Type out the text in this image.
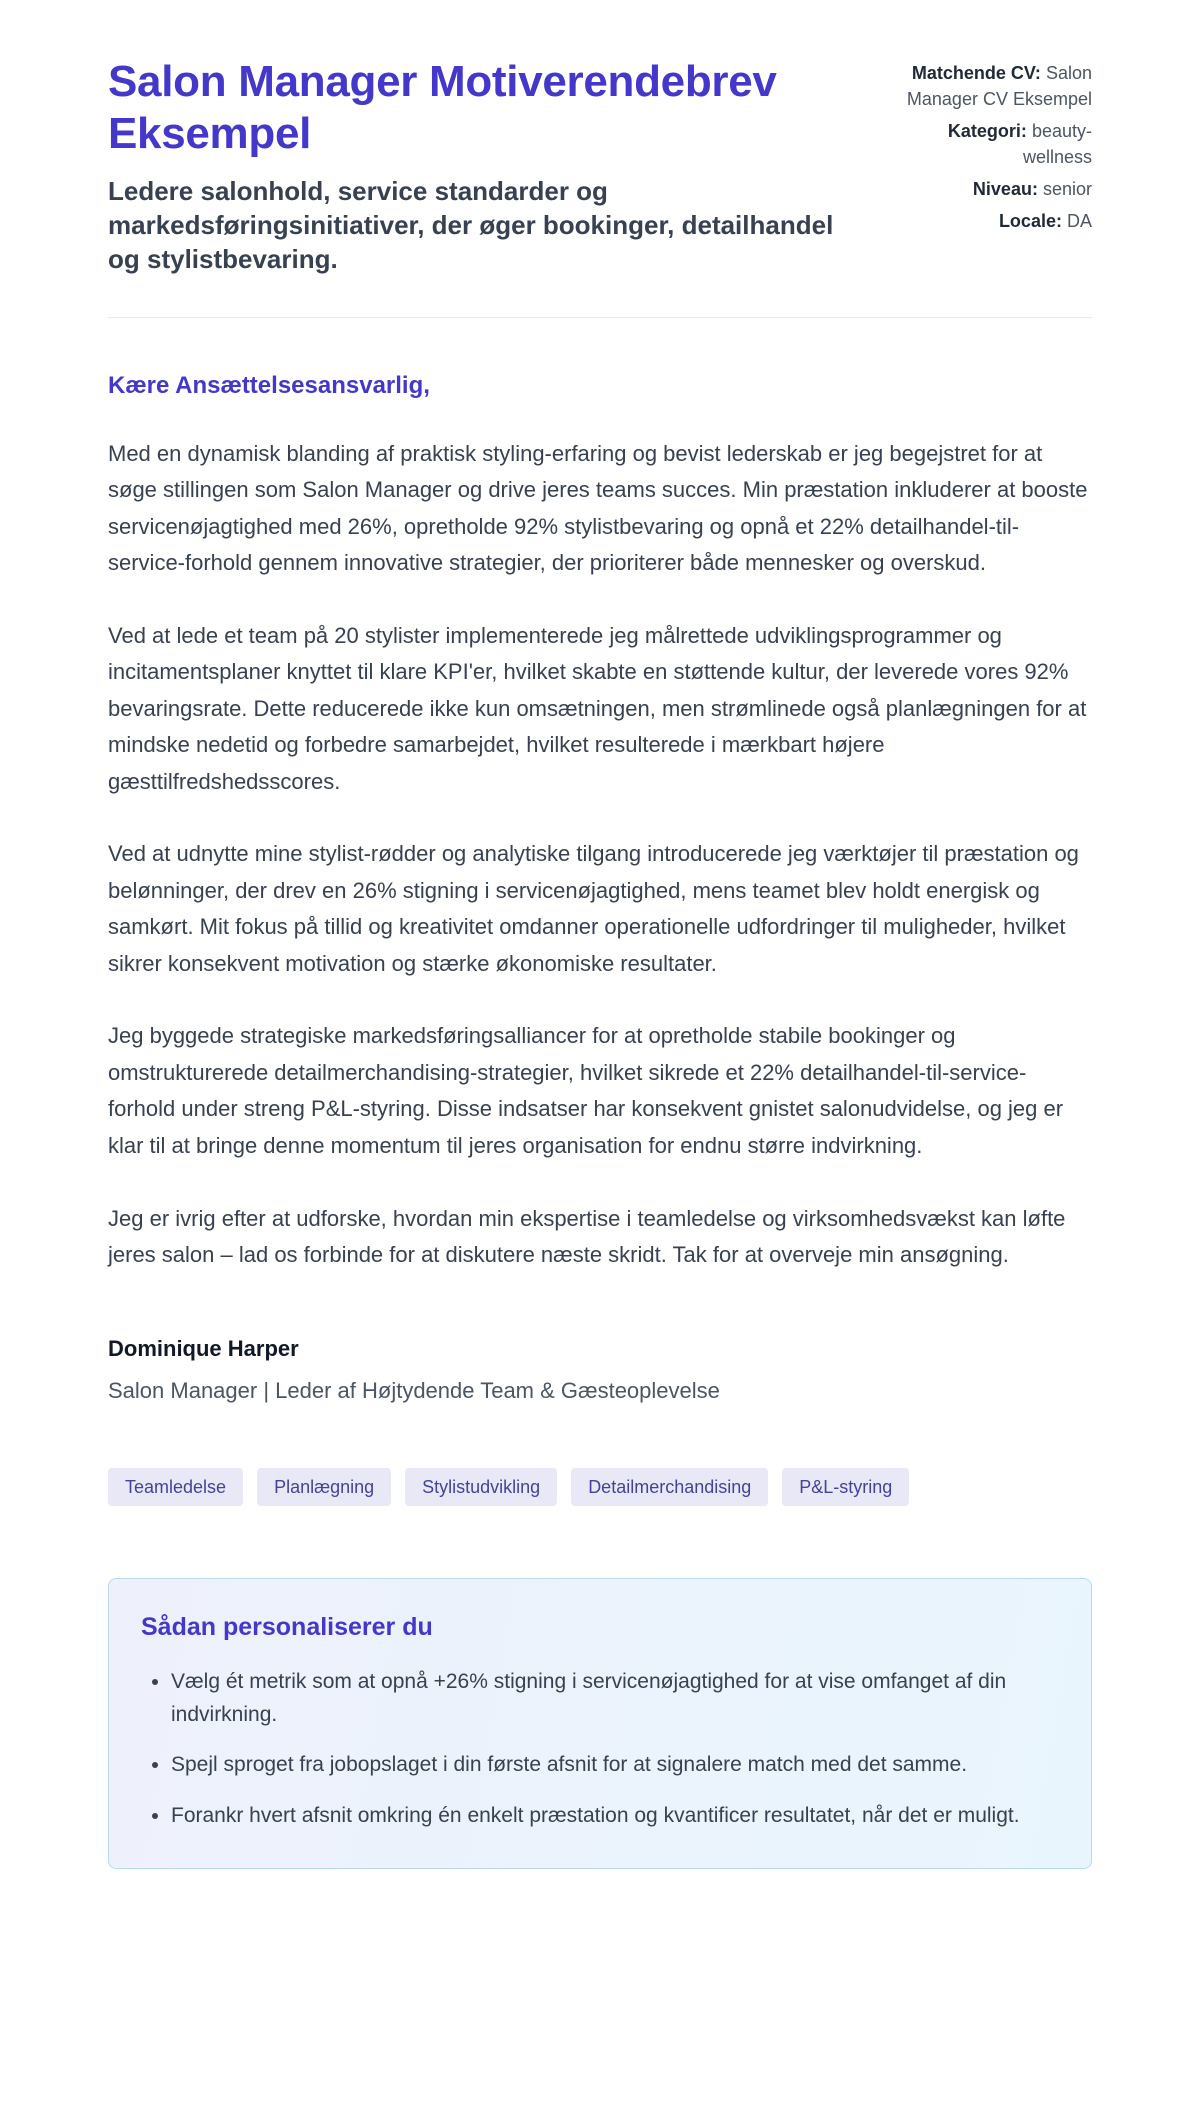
Salon Manager Motiverendebrev Eksempel

Ledere salonhold, service standarder og markedsføringsinitiativer, der øger bookinger, detailhandel og stylistbevaring.

Matchende CV: Salon Manager CV Eksempel
Kategori: beauty-wellness
Niveau: senior
Locale: DA

Kære Ansættelsesansvarlig,

Med en dynamisk blanding af praktisk styling-erfaring og bevist lederskab er jeg begejstret for at søge stillingen som Salon Manager og drive jeres teams succes. Min præstation inkluderer at booste servicenøjagtighed med 26%, opretholde 92% stylistbevaring og opnå et 22% detailhandel-til-service-forhold gennem innovative strategier, der prioriterer både mennesker og overskud.

Ved at lede et team på 20 stylister implementerede jeg målrettede udviklingsprogrammer og incitamentsplaner knyttet til klare KPI'er, hvilket skabte en støttende kultur, der leverede vores 92% bevaringsrate. Dette reducerede ikke kun omsætningen, men strømlinede også planlægningen for at mindske nedetid og forbedre samarbejdet, hvilket resulterede i mærkbart højere gæsttilfredshedsscores.

Ved at udnytte mine stylist-rødder og analytiske tilgang introducerede jeg værktøjer til præstation og belønninger, der drev en 26% stigning i servicenøjagtighed, mens teamet blev holdt energisk og samkørt. Mit fokus på tillid og kreativitet omdanner operationelle udfordringer til muligheder, hvilket sikrer konsekvent motivation og stærke økonomiske resultater.

Jeg byggede strategiske markedsføringsalliancer for at opretholde stabile bookinger og omstrukturerede detailmerchandising-strategier, hvilket sikrede et 22% detailhandel-til-service-forhold under streng P&L-styring. Disse indsatser har konsekvent gnistet salonudvidelse, og jeg er klar til at bringe denne momentum til jeres organisation for endnu større indvirkning.

Jeg er ivrig efter at udforske, hvordan min ekspertise i teamledelse og virksomhedsvækst kan løfte jeres salon – lad os forbinde for at diskutere næste skridt. Tak for at overveje min ansøgning.

Dominique Harper

Salon Manager | Leder af Højtydende Team & Gæsteoplevelse

Teamledelse	Planlægning	Stylistudvikling	Detailmerchandising	P&L-styring
Sådan personaliserer du
• Vælg ét metrik som at opnå +26% stigning i servicenøjagtighed for at vise omfanget af din indvirkning.
• Spejl sproget fra jobopslaget i din første afsnit for at signalere match med det samme.
• Forankr hvert afsnit omkring én enkelt præstation og kvantificer resultatet, når det er muligt.
